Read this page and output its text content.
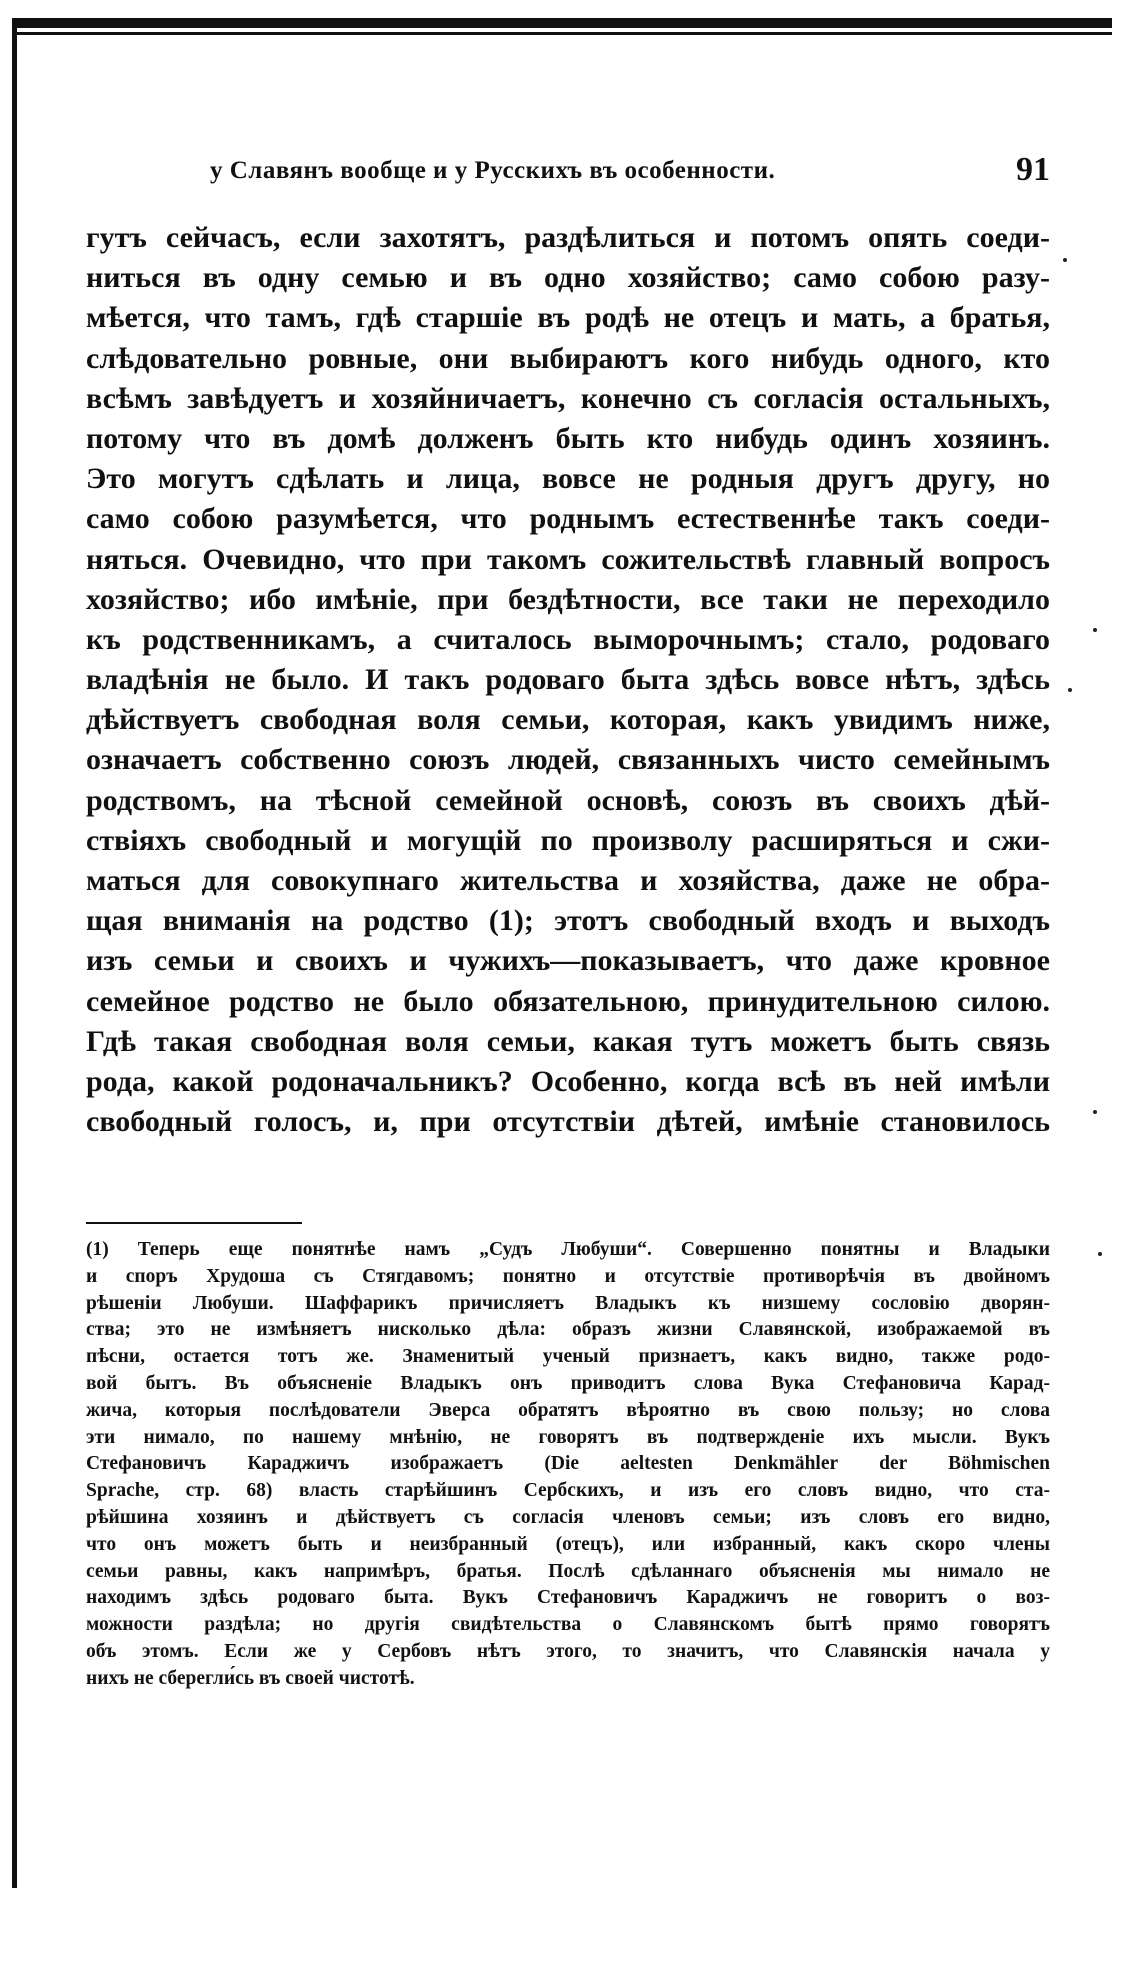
у Славянъ вообще и у Русскихъ въ особенности.	91
гутъ сейчасъ, если захотятъ, раздѣлиться и потомъ опять соеди-
ниться въ одну семью и въ одно хозяйство; само собою разу-
мѣется, что тамъ, гдѣ старшіе въ родѣ не отецъ и мать, а братья,
слѣдовательно ровные, они выбираютъ кого нибудь одного, кто
всѣмъ завѣдуетъ и хозяйничаетъ, конечно съ согласія остальныхъ,
потому что въ домѣ долженъ быть кто нибудь одинъ хозяинъ.
Это могутъ сдѣлать и лица, вовсе не родныя другъ другу, но
само собою разумѣется, что роднымъ естественнѣе такъ соеди-
няться. Очевидно, что при такомъ сожительствѣ главный вопросъ
хозяйство; ибо имѣніе, при бездѣтности, все таки не переходило
къ родственникамъ, а считалось выморочнымъ; стало, родоваго
владѣнія не было. И такъ родоваго быта здѣсь вовсе нѣтъ, здѣсь
дѣйствуетъ свободная воля семьи, которая, какъ увидимъ ниже,
означаетъ собственно союзъ людей, связанныхъ чисто семейнымъ
родствомъ, на тѣсной семейной основѣ, союзъ въ своихъ дѣй-
ствіяхъ свободный и могущій по произволу расширяться и сжи-
маться для совокупнаго жительства и хозяйства, даже не обра-
щая вниманія на родство (1); этотъ свободный входъ и выходъ
изъ семьи и своихъ и чужихъ—показываетъ, что даже кровное
семейное родство не было обязательною, принудительною силою.
Гдѣ такая свободная воля семьи, какая тутъ можетъ быть связь
рода, какой родоначальникъ? Особенно, когда всѣ въ ней имѣли
свободный голосъ, и, при отсутствіи дѣтей, имѣніе становилось
(1) Теперь еще понятнѣе намъ „Судъ Любуши“. Совершенно понятны и Владыки
и споръ Хрудоша съ Стягдавомъ; понятно и отсутствіе противорѣчія въ двойномъ
рѣшеніи Любуши. Шаффарикъ причисляетъ Владыкъ къ низшему сословію дворян-
ства; это не измѣняетъ нисколько дѣла: образъ жизни Славянской, изображаемой въ
пѣсни, остается тотъ же. Знаменитый ученый признаетъ, какъ видно, также родо-
вой бытъ. Въ объясненіе Владыкъ онъ приводитъ слова Вука Стефановича Карад-
жича, которыя послѣдователи Эверса обратятъ вѣроятно въ свою пользу; но слова
эти нимало, по нашему мнѣнію, не говорятъ въ подтвержденіе ихъ мысли. Вукъ
Стефановичъ Караджичъ изображаетъ (Die aeltesten Denkmähler der Böhmischen
Sprache, стр. 68) власть старѣйшинъ Сербскихъ, и изъ его словъ видно, что ста-
рѣйшина хозяинъ и дѣйствуетъ съ согласія членовъ семьи; изъ словъ его видно,
что онъ можетъ быть и неизбранный (отецъ), или избранный, какъ скоро члены
семьи равны, какъ напримѣръ, братья. Послѣ сдѣланнаго объясненія мы нимало не
находимъ здѣсь родоваго быта. Вукъ Стефановичъ Караджичъ не говоритъ о воз-
можности раздѣла; но другія свидѣтельства о Славянскомъ бытѣ прямо говорятъ
объ этомъ. Если же у Сербовъ нѣтъ этого, то значитъ, что Славянскія начала у
нихъ не сберегли́сь въ своей чистотѣ.
